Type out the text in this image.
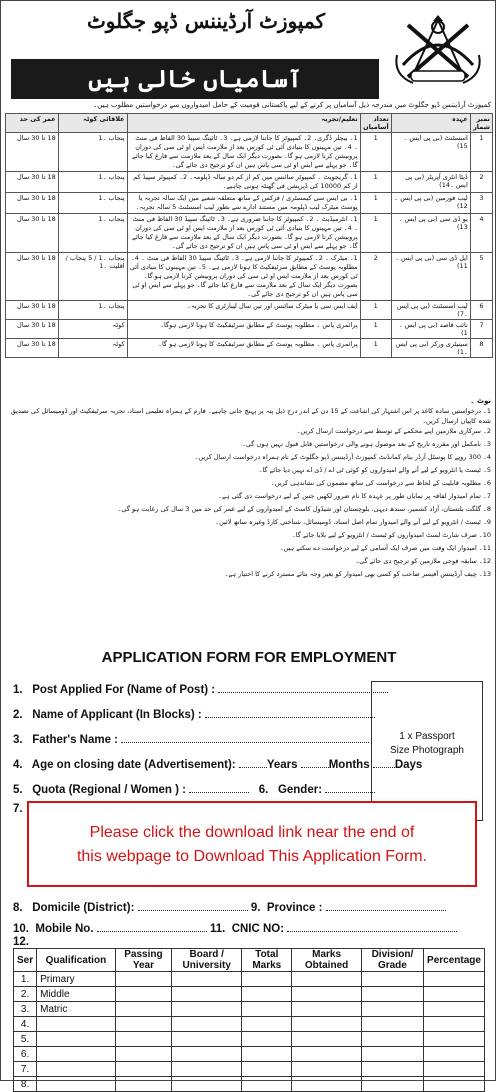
کمپوزٹ آرڈیننس ڈپو جگلوٹ
آسامیاں خالی ہیں
کمپوزٹ آرڈیننس ڈپو جگلوٹ میں مندرجہ ذیل آسامیاں پر کرنے کے لیے پاکستانی قومیت کے حامل امیدواروں سے درخواستیں مطلوب ہیں۔
نمبر شمار	عہدہ	تعداد آسامیاں	تعلیم/تجربہ	علاقائی کوٹہ	عمر کی حد
1	اسسٹنٹ (بی پی ایس ۔15)	1	1۔ بیچلر ڈگری۔ 2۔ کمپیوٹر کا جاننا لازمی ہے۔ 3۔ ٹائپنگ سپیڈ 30 الفاظ فی منٹ ۔ 4۔ تین مہینوں کا بنیادی آئی ٹی کورس بعد از ملازمت ایس او ٹی سی کی دوران پروبیشن کرنا لازمی ہو گا۔ بصورت دیگر ایک سال کے بعد ملازمت سے فارغ کیا جائے گا۔ جو پہلے سے ایس او ٹی سی پاس ہیں ان کو ترجیح دی جائے گی۔	پنجاب ۔1	18 تا 30 سال
2	ڈیٹا انٹری آپریٹر (بی پی ایس ۔14)	1	1۔ گریجویٹ ۔ کمپیوٹر سائنس میں کم از کم دو سالہ ڈپلومہ۔ 2۔ کمپیوٹر سپیڈ کم از کم 10000 کی ڈپریشن فی گھنٹہ ہونی چاہیے۔	پنجاب ۔1	18 تا 30 سال
3	لیب فورمین (بی پی ایس ۔12)	1	1۔ بی ایس سی کیمسٹری / فزکس کے ساتھ متعلقہ شعبے میں ایک سالہ تجربہ یا پوسٹ میٹرک لیب ڈپلومہ میں مستند ادارے سے بطور لیب اسسٹنٹ 5 سالہ تجربہ۔	پنجاب ۔1	18 تا 30 سال
4	یو ڈی سی (بی پی ایس ۔13)	1	1۔ انٹرمیڈیٹ ۔ 2۔ کمپیوٹر کا جاننا ضروری ہے۔ 3۔ ٹائپنگ سپیڈ 30 الفاظ فی منٹ ۔ 4۔ تین مہینوں کا بنیادی آئی ٹی کورس بعد از ملازمت ایس او ٹی سی کی دوران پروبیشن کرنا لازمی ہو گا۔ بصورت دیگر ایک سال کے بعد ملازمت سے فارغ کیا جائے گا۔ جو پہلے سے ایس او ٹی سی پاس ہیں ان کو ترجیح دی جائے گی۔	پنجاب ۔1	18 تا 30 سال
5	ایل ڈی سی (بی پی ایس ۔11)	2	1۔ میٹرک ۔ 2۔ کمپیوٹر کا جاننا لازمی ہے۔ 3۔ ٹائپنگ سپیڈ 30 الفاظ فی منٹ ۔ 4۔ مطلوبہ پوسٹ کے مطابق سرٹیفکیٹ کا ہونا لازمی ہے۔ 5۔ تین مہینوں کا بنیادی آئی ٹی کورس بعد از ملازمت ایس او ٹی سی کی دوران پروبیشن کرنا لازمی ہو گا۔ بصورت دیگر ایک سال کے بعد ملازمت سے فارغ کیا جائے گا۔ جو پہلے سے ایس او ٹی سی پاس ہیں ان کو ترجیح دی جائے گی۔	پنجاب ۔1 / 5 پنجاب / اقلیت ۔1	18 تا 30 سال
6	لیب اسسٹنٹ (بی پی ایس ۔7)	1	ایف ایس سی یا میٹرک سائنس اور تین سال لیبارٹری کا تجربہ۔	پنجاب ۔1	18 تا 30 سال
7	نائب قاصد (بی پی ایس ۔1)	1	پرائمری پاس ۔ مطلوبہ پوسٹ کے مطابق سرٹیفکیٹ کا ہونا لازمی ہوگا۔	کوٹہ	18 تا 30 سال
8	سینیٹری ورکر (بی پی ایس ۔1)	1	پرائمری پاس ۔ مطلوبہ پوسٹ کے مطابق سرٹیفکیٹ کا ہونا لازمی ہو گا۔	کوٹہ	18 تا 30 سال
نوٹ ۔
1۔ درخواستیں سادہ کاغذ پر اس اشتہار کی اشاعت کے 15 دن کے اندر درج ذیل پتہ پر پہنچ جانی چاہیے۔ فارم کے ہمراہ تعلیمی اسناد، تجربہ سرٹیفکیٹ اور ڈومیسائل کی تصدیق شدہ کاپیاں ارسال کریں۔
2۔ سرکاری ملازمین اپنے محکمے کے توسط سے درخواست ارسال کریں۔
3۔ نامکمل اور مقررہ تاریخ کے بعد موصول ہونے والی درخواستیں قابل قبول نہیں ہوں گی۔
4۔ 300 روپے کا پوسٹل آرڈر بنام کمانڈنٹ کمپوزٹ آرڈیننس ڈپو جگلوٹ کے نام ہمراہ درخواست ارسال کریں۔
5۔ ٹیسٹ یا انٹرویو کے لیے آنے والے امیدواروں کو کوئی ٹی اے / ڈی اے نہیں دیا جائے گا۔
6۔ مطلوبہ قابلیت کے لحاظ سے درخواست کی ساتھ مضمون کی نشاندہی کریں۔
7۔ تمام امیدوار لفافہ پر نمایاں طور پر عہدہ کا نام ضرور لکھیں جس کے لیے درخواست دی گئی ہے۔
8۔ گلگت بلتستان، آزاد کشمیر، سندھ دیہی، بلوچستان اور شیڈول کاسٹ کے امیدواروں کے لیے عمر کی حد میں 3 سال کی رعایت ہو گی۔
9۔ ٹیسٹ / انٹرویو کے لیے آنے والے امیدوار تمام اصل اسناد، ڈومیسائل، شناختی کارڈ وغیرہ ساتھ لائیں۔
10۔ صرف شارٹ لسٹ امیدواروں کو ٹیسٹ / انٹرویو کے لیے بلایا جائے گا۔
11۔ امیدوار ایک وقت میں صرف ایک آسامی کے لیے درخواست دے سکتے ہیں۔
12۔ سابقہ فوجی ملازمین کو ترجیح دی جائے گی۔
13۔ چیف آرڈیننس آفیسر صاحب کو کسی بھی امیدوار کو بغیر وجہ بتائے مسترد کرنے کا اختیار ہے۔
APPLICATION FORM FOR EMPLOYMENT
1. Post Applied For (Name of Post) :
2. Name of Applicant (In Blocks) :
3. Father's Name :
4. Age on closing date (Advertisement):	Years	Months Days
5. Quota (Regional / Women ) :	6. Gender:
7.
1 x Passport
Size Photograph
Please click the download link near the end of
this webpage to Download This Application Form.
8. Domicile (District):	9. Province :
10. Mobile No.	11. CNIC NO:
12.
Ser	Qualification	Passing Year	Board / University	Total Marks	Marks Obtained	Division/ Grade	Percentage
1.	Primary						
2.	Middle						
3.	Matric						
4.							
5.							
6.							
7.							
8.							
